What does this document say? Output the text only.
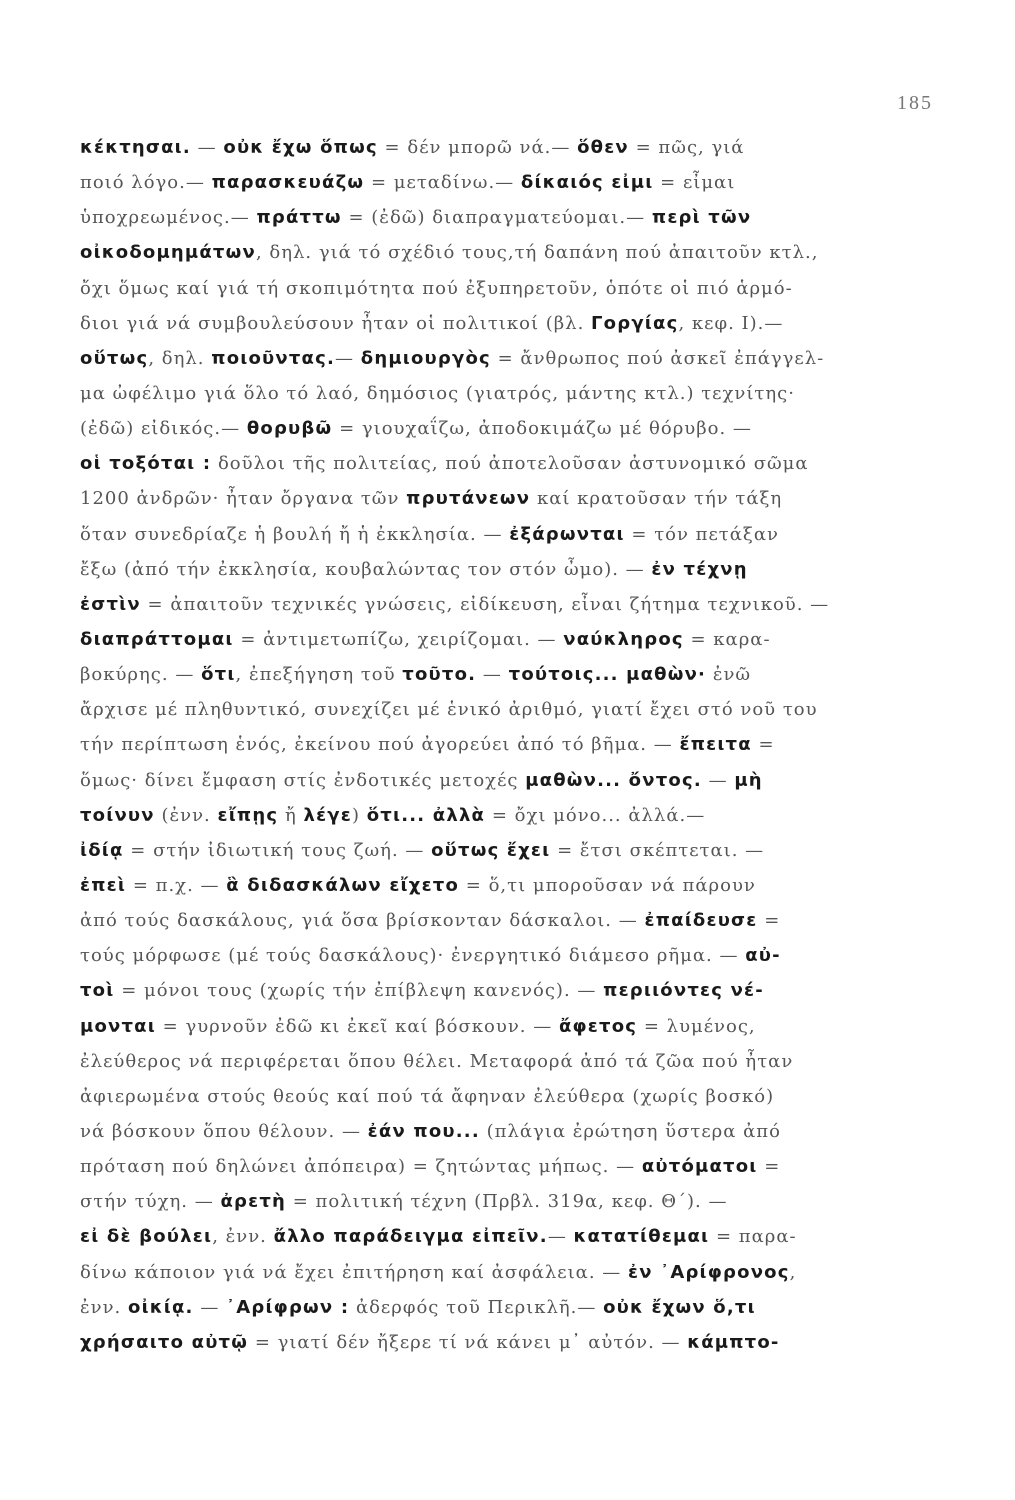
185
κέκτησαι. — οὐκ ἔχω ὅπως = δέν μπορῶ νά.— ὅθεν = πῶς, γιά
ποιό λόγο.— παρασκευάζω = μεταδίνω.— δίκαιός εἰμι = εἶμαι
ὑποχρεωμένος.— πράττω = (ἐδῶ) διαπραγματεύομαι.— περὶ τῶν
οἰκοδομημάτων, δηλ. γιά τό σχέδιό τους,τή δαπάνη πού ἀπαιτοῦν κτλ.,
ὄχι ὅμως καί γιά τή σκοπιμότητα πού ἐξυπηρετοῦν, ὁπότε οἱ πιό ἁρμό-
διοι γιά νά συμβουλεύσουν ἦταν οἱ πολιτικοί (βλ. Γοργίας, κεφ. Ι).—
οὕτως, δηλ. ποιοῦντας.— δημιουργὸς = ἄνθρωπος πού ἀσκεῖ ἐπάγγελ-
μα ὠφέλιμο γιά ὅλο τό λαό, δημόσιος (γιατρός, μάντης κτλ.) τεχνίτης·
(ἐδῶ) εἰδικός.— θορυβῶ = γιουχαΐζω, ἀποδοκιμάζω μέ θόρυβο. —
οἱ τοξόται : δοῦλοι τῆς πολιτείας, πού ἀποτελοῦσαν ἀστυνομικό σῶμα
1200 ἀνδρῶν· ἦταν ὄργανα τῶν πρυτάνεων καί κρατοῦσαν τήν τάξη
ὅταν συνεδρίαζε ἡ βουλή ἤ ἡ ἐκκλησία. — ἐξάρωνται = τόν πετάξαν
ἔξω (ἀπό τήν ἐκκλησία, κουβαλώντας τον στόν ὦμο). — ἐν τέχνῃ
ἐστὶν = ἀπαιτοῦν τεχνικές γνώσεις, εἰδίκευση, εἶναι ζήτημα τεχνικοῦ. —
διαπράττομαι = ἀντιμετωπίζω, χειρίζομαι. — ναύκληρος = καρα-
βοκύρης. — ὅτι, ἐπεξήγηση τοῦ τοῦτο. — τούτοις... μαθὼν· ἐνῶ
ἄρχισε μέ πληθυντικό, συνεχίζει μέ ἑνικό ἀριθμό, γιατί ἔχει στό νοῦ του
τήν περίπτωση ἑνός, ἐκείνου πού ἀγορεύει ἀπό τό βῆμα. — ἔπειτα =
ὅμως· δίνει ἔμφαση στίς ἐνδοτικές μετοχές μαθὼν... ὄντος. — μὴ
τοίνυν (ἐνν. εἴπῃς ἤ λέγε) ὅτι... ἀλλὰ = ὄχι μόνο... ἀλλά.—
ἰδίᾳ = στήν ἰδιωτική τους ζωή. — οὕτως ἔχει = ἔτσι σκέπτεται. —
ἐπεὶ = π.χ. — ἃ διδασκάλων εἴχετο = ὅ,τι μποροῦσαν νά πάρουν
ἀπό τούς δασκάλους, γιά ὅσα βρίσκονταν δάσκαλοι. — ἐπαίδευσε =
τούς μόρφωσε (μέ τούς δασκάλους)· ἐνεργητικό διάμεσο ρῆμα. — αὐ-
τοὶ = μόνοι τους (χωρίς τήν ἐπίβλεψη κανενός). — περιιόντες νέ-
μονται = γυρνοῦν ἐδῶ κι ἐκεῖ καί βόσκουν. — ἄφετος = λυμένος,
ἐλεύθερος νά περιφέρεται ὅπου θέλει. Μεταφορά ἀπό τά ζῶα πού ἦταν
ἀφιερωμένα στούς θεούς καί πού τά ἄφηναν ἐλεύθερα (χωρίς βοσκό)
νά βόσκουν ὅπου θέλουν. — ἐάν που... (πλάγια ἐρώτηση ὕστερα ἀπό
πρόταση πού δηλώνει ἀπόπειρα) = ζητώντας μήπως. — αὐτόματοι =
στήν τύχη. — ἀρετὴ = πολιτική τέχνη (Πρβλ. 319α, κεφ. Θ΄). —
εἰ δὲ βούλει, ἐνν. ἄλλο παράδειγμα εἰπεῖν.— κατατίθεμαι = παρα-
δίνω κάποιον γιά νά ἔχει ἐπιτήρηση καί ἀσφάλεια. — ἐν ᾽Αρίφρονος,
ἐνν. οἰκίᾳ. — ᾽Αρίφρων : ἀδερφός τοῦ Περικλῆ.— οὐκ ἔχων ὅ,τι
χρήσαιτο αὐτῷ = γιατί δέν ἤξερε τί νά κάνει μ᾽ αὐτόν. — κάμπτο-
